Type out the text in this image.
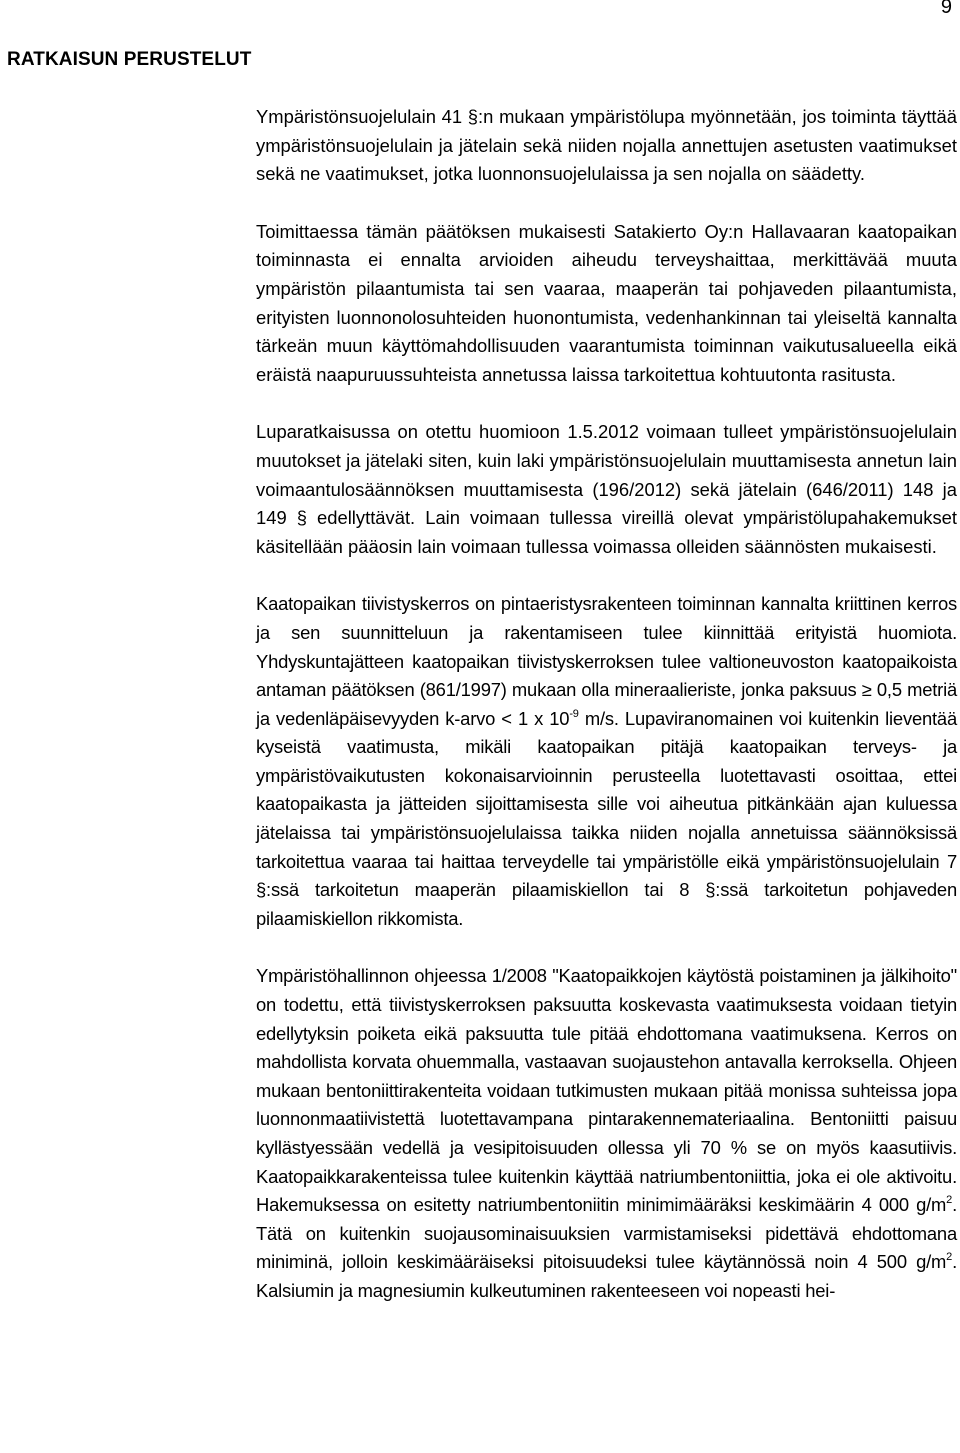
9
RATKAISUN PERUSTELUT

Ympäristönsuojelulain 41 §:n mukaan ympäristölupa myönnetään, jos toiminta täyttää ympäristönsuojelulain ja jätelain sekä niiden nojalla annettujen asetusten vaatimukset sekä ne vaatimukset, jotka luonnonsuojelulaissa ja sen nojalla on säädetty.

Toimittaessa tämän päätöksen mukaisesti Satakierto Oy:n Hallavaaran kaatopaikan toiminnasta ei ennalta arvioiden aiheudu terveyshaittaa, merkittävää muuta ympäristön pilaantumista tai sen vaaraa, maaperän tai pohjaveden pilaantumista, erityisten luonnonolosuhteiden huonontumista, vedenhankinnan tai yleiseltä kannalta tärkeän muun käyttömahdollisuuden vaarantumista toiminnan vaikutusalueella eikä eräistä naapuruussuhteista annetussa laissa tarkoitettua kohtuutonta rasitusta.

Luparatkaisussa on otettu huomioon 1.5.2012 voimaan tulleet ympäristönsuojelulain muutokset ja jätelaki siten, kuin laki ympäristönsuojelulain muuttamisesta annetun lain voimaantulosäännöksen muuttamisesta (196/2012) sekä jätelain (646/2011) 148 ja 149 § edellyttävät. Lain voimaan tullessa vireillä olevat ympäristölupahakemukset käsitellään pääosin lain voimaan tullessa voimassa olleiden säännösten mukaisesti.

Kaatopaikan tiivistyskerros on pintaeristysrakenteen toiminnan kannalta kriittinen kerros ja sen suunnitteluun ja rakentamiseen tulee kiinnittää erityistä huomiota. Yhdyskuntajätteen kaatopaikan tiivistyskerroksen tulee valtioneuvoston kaatopaikoista antaman päätöksen (861/1997) mukaan olla mineraalieriste, jonka paksuus ≥ 0,5 metriä ja vedenläpäisevyyden k-arvo < 1 x $10^{-9}$ m/s. Lupaviranomainen voi kuitenkin lieventää kyseistä vaatimusta, mikäli kaatopaikan pitäjä kaatopaikan terveys- ja ympäristövaikutusten kokonaisarvioinnin perusteella luotettavasti osoittaa, ettei kaatopaikasta ja jätteiden sijoittamisesta sille voi aiheutua pitkänkään ajan kuluessa jätelaissa tai ympäristönsuojelulaissa taikka niiden nojalla annetuissa säännöksissä tarkoitettua vaaraa tai haittaa terveydelle tai ympäristölle eikä ympäristönsuojelulain 7 §:ssä tarkoitetun maaperän pilaamiskiellon tai 8 §:ssä tarkoitetun pohjaveden pilaamiskiellon rikkomista.

Ympäristöhallinnon ohjeessa 1/2008 "Kaatopaikkojen käytöstä poistaminen ja jälkihoito" on todettu, että tiivistyskerroksen paksuutta koskevasta vaatimuksesta voidaan tietyin edellytyksin poiketa eikä paksuutta tule pitää ehdottomana vaatimuksena. Kerros on mahdollista korvata ohuemmalla, vastaavan suojaustehon antavalla kerroksella. Ohjeen mukaan bentoniittirakenteita voidaan tutkimusten mukaan pitää monissa suhteissa jopa luonnonmaatiivistettä luotettavampana pintarakennemateriaalina. Bentoniitti paisuu kyllästyessään vedellä ja vesipitoisuuden ollessa yli 70 % se on myös kaasutiivis. Kaatopaikkarakenteissa tulee kuitenkin käyttää natriumbentoniittia, joka ei ole aktivoitu. Hakemuksessa on esitetty natriumbentoniitin minimimääräksi keskimäärin 4 000 $g/m^2$. Tätä on kuitenkin suojausominaisuuksien varmistamiseksi pidettävä ehdottomana miniminä, jolloin keskimääräiseksi pitoisuudeksi tulee käytännössä noin 4 500 $g/m^2$. Kalsiumin ja magnesiumin kulkeutuminen rakenteeseen voi nopeasti hei-
